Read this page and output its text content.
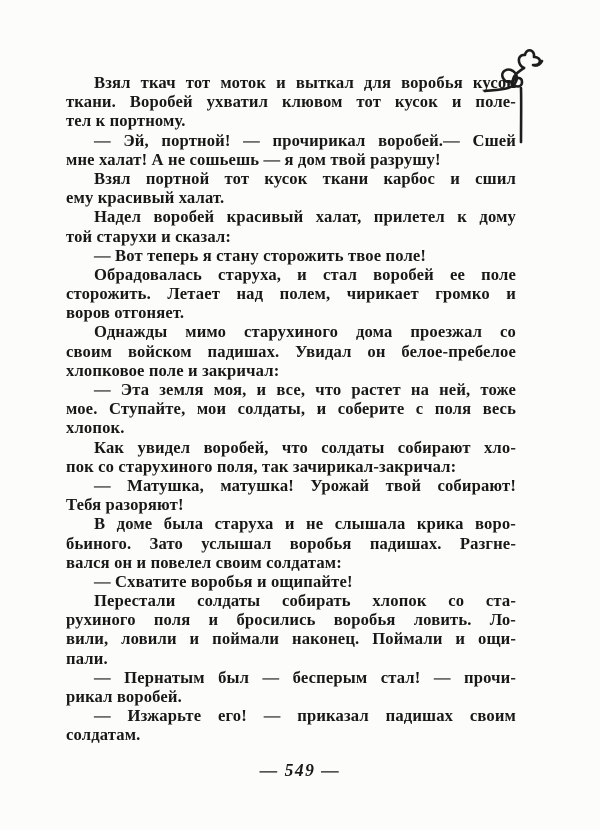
Взял ткач тот моток и выткал для воробья кусок
ткани. Воробей ухватил клювом тот кусок и поле-
тел к портному.
— Эй, портной! — прочирикал воробей.— Сшей
мне халат! А не сошьешь — я дом твой разрушу!
Взял портной тот кусок ткани карбос и сшил
ему красивый халат.
Надел воробей красивый халат, прилетел к дому
той старухи и сказал:
— Вот теперь я стану сторожить твое поле!
Обрадовалась старуха, и стал воробей ее поле
сторожить. Летает над полем, чирикает громко и
воров отгоняет.
Однажды мимо старухиного дома проезжал со
своим войском падишах. Увидал он белое-пребелое
хлопковое поле и закричал:
— Эта земля моя, и все, что растет на ней, тоже
мое. Ступайте, мои солдаты, и соберите с поля весь
хлопок.
Как увидел воробей, что солдаты собирают хло-
пок со старухиного поля, так зачирикал-закричал:
— Матушка, матушка! Урожай твой собирают!
Тебя разоряют!
В доме была старуха и не слышала крика воро-
бьиного. Зато услышал воробья падишах. Разгне-
вался он и повелел своим солдатам:
— Схватите воробья и ощипайте!
Перестали солдаты собирать хлопок со ста-
рухиного поля и бросились воробья ловить. Ло-
вили, ловили и поймали наконец. Поймали и ощи-
пали.
— Пернатым был — бесперым стал! — прочи-
рикал воробей.
— Изжарьте его! — приказал падишах своим
солдатам.
— 549 —
